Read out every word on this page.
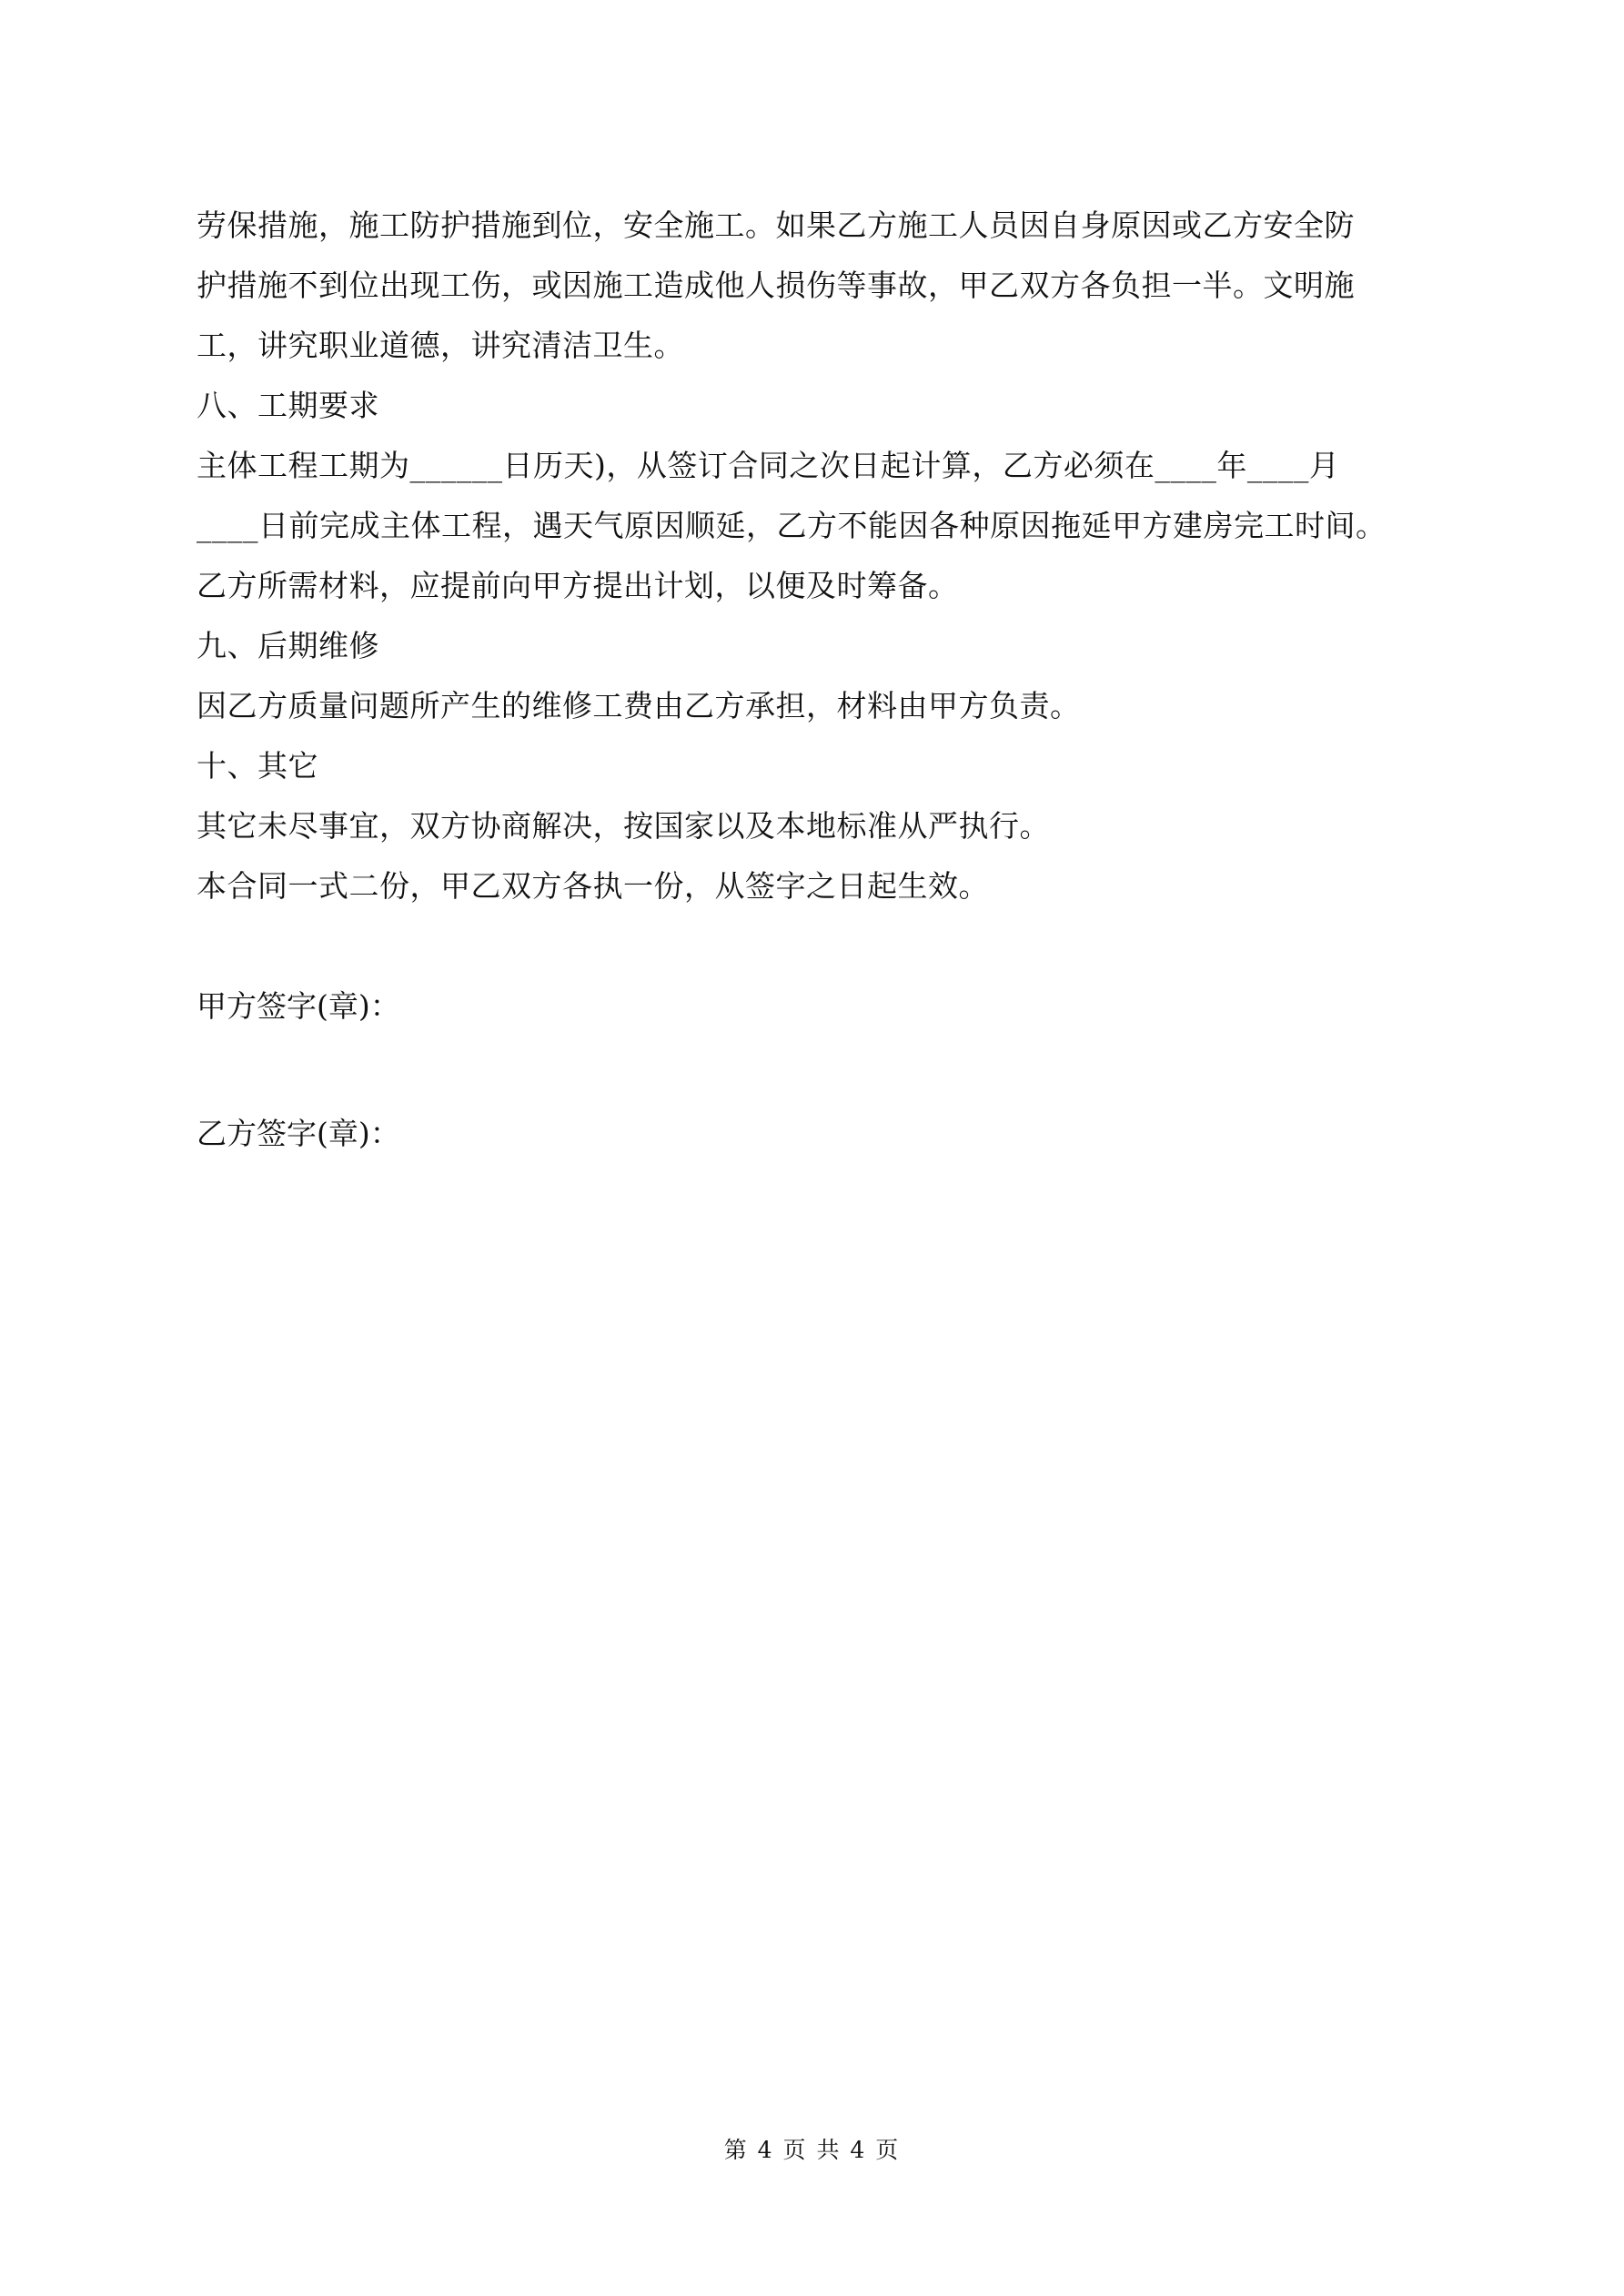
劳保措施，施工防护措施到位，安全施工。如果乙方施工人员因自身原因或乙方安全防
护措施不到位出现工伤，或因施工造成他人损伤等事故，甲乙双方各负担一半。文明施
工，讲究职业道德，讲究清洁卫生。
八、工期要求
主体工程工期为______日历天)，从签订合同之次日起计算，乙方必须在____年____月
____日前完成主体工程，遇天气原因顺延，乙方不能因各种原因拖延甲方建房完工时间。
乙方所需材料，应提前向甲方提出计划，以便及时筹备。
九、后期维修
因乙方质量问题所产生的维修工费由乙方承担，材料由甲方负责。
十、其它
其它未尽事宜，双方协商解决，按国家以及本地标准从严执行。
本合同一式二份，甲乙双方各执一份，从签字之日起生效。
甲方签字(章)：
乙方签字(章)：
第 4 页 共 4 页
